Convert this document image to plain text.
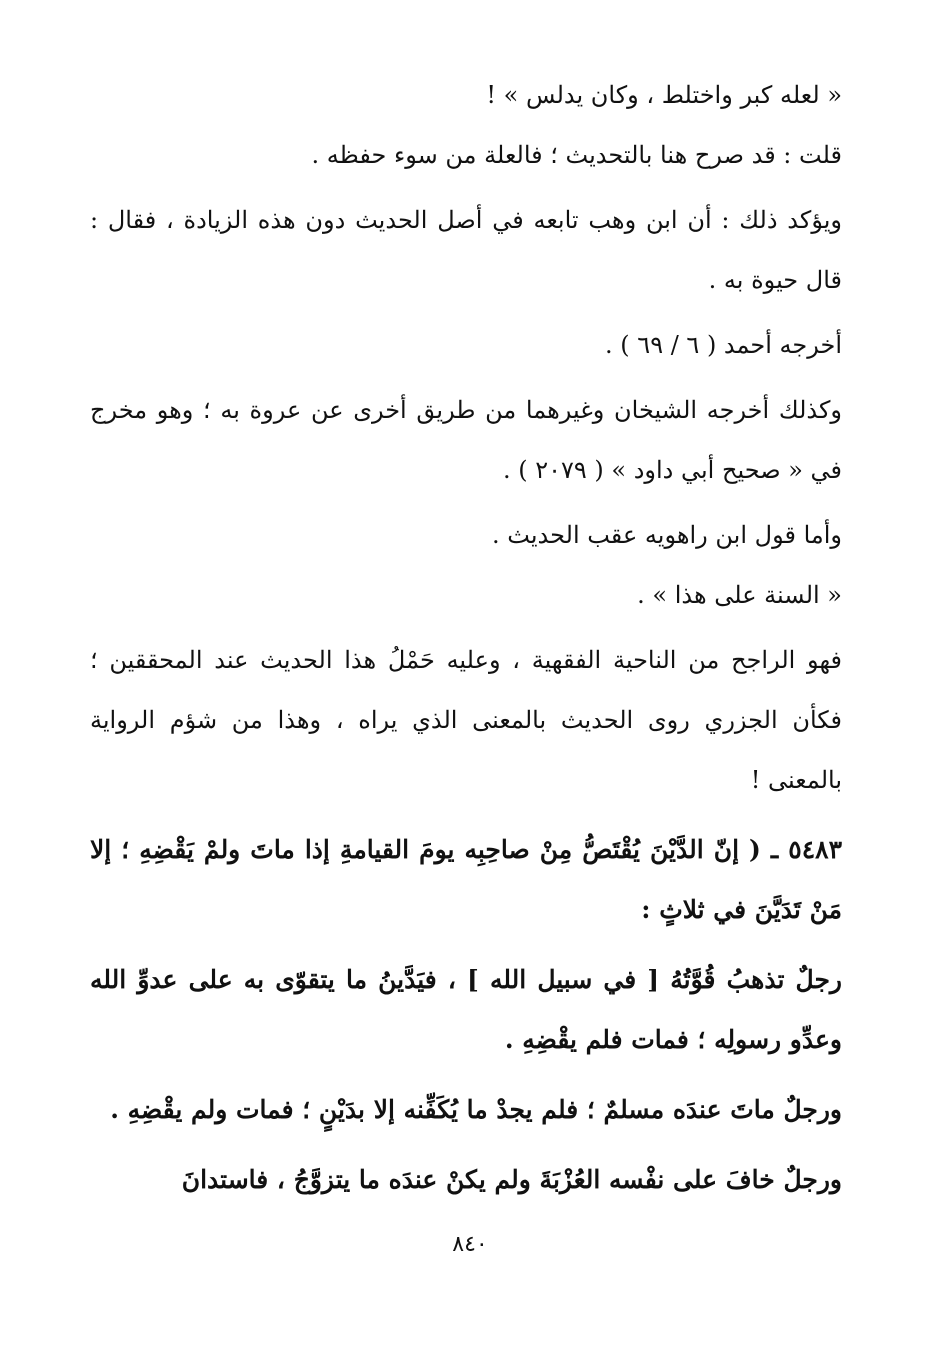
« لعله كبر واختلط ، وكان يدلس » !

قلت : قد صرح هنا بالتحديث ؛ فالعلة من سوء حفظه .

ويؤكد ذلك : أن ابن وهب تابعه في أصل الحديث دون هذه الزيادة ، فقال : قال حيوة به .

أخرجه أحمد ( ٦ / ٦٩ ) .

وكذلك أخرجه الشيخان وغيرهما من طريق أخرى عن عروة به ؛ وهو مخرج في « صحيح أبي داود » ( ٢٠٧٩ ) .

وأما قول ابن راهويه عقب الحديث .

« السنة على هذا » .

فهو الراجح من الناحية الفقهية ، وعليه حَمْلُ هذا الحديث عند المحققين ؛ فكأن الجزري روى الحديث بالمعنى الذي يراه ، وهذا من شؤم الرواية بالمعنى !

٥٤٨٣ ـ ( إنّ الدَّيْنَ يُقْتَصُّ مِنْ صاحِبِه يومَ القيامةِ إذا ماتَ ولمْ يَقْضِهِ ؛ إلا مَنْ تَدَيَّنَ في ثلاثٍ :

رجلٌ تذهبُ قُوَّتُهُ [ في سبيل الله ] ، فيَدَّينُ ما يتقوّى به على عدوِّ الله وعدِّو رسولِه ؛ فمات فلم يقْضِهِ .

ورجلٌ ماتَ عندَه مسلمٌ ؛ فلم يجدْ ما يُكَفِّنه إلا بدَيْنٍ ؛ فمات ولم يقْضِهِ .

ورجلٌ خافَ على نفْسه العُزْبَةَ ولم يكنْ عندَه ما يتزوَّجُ ، فاستدانَ

٨٤٠
